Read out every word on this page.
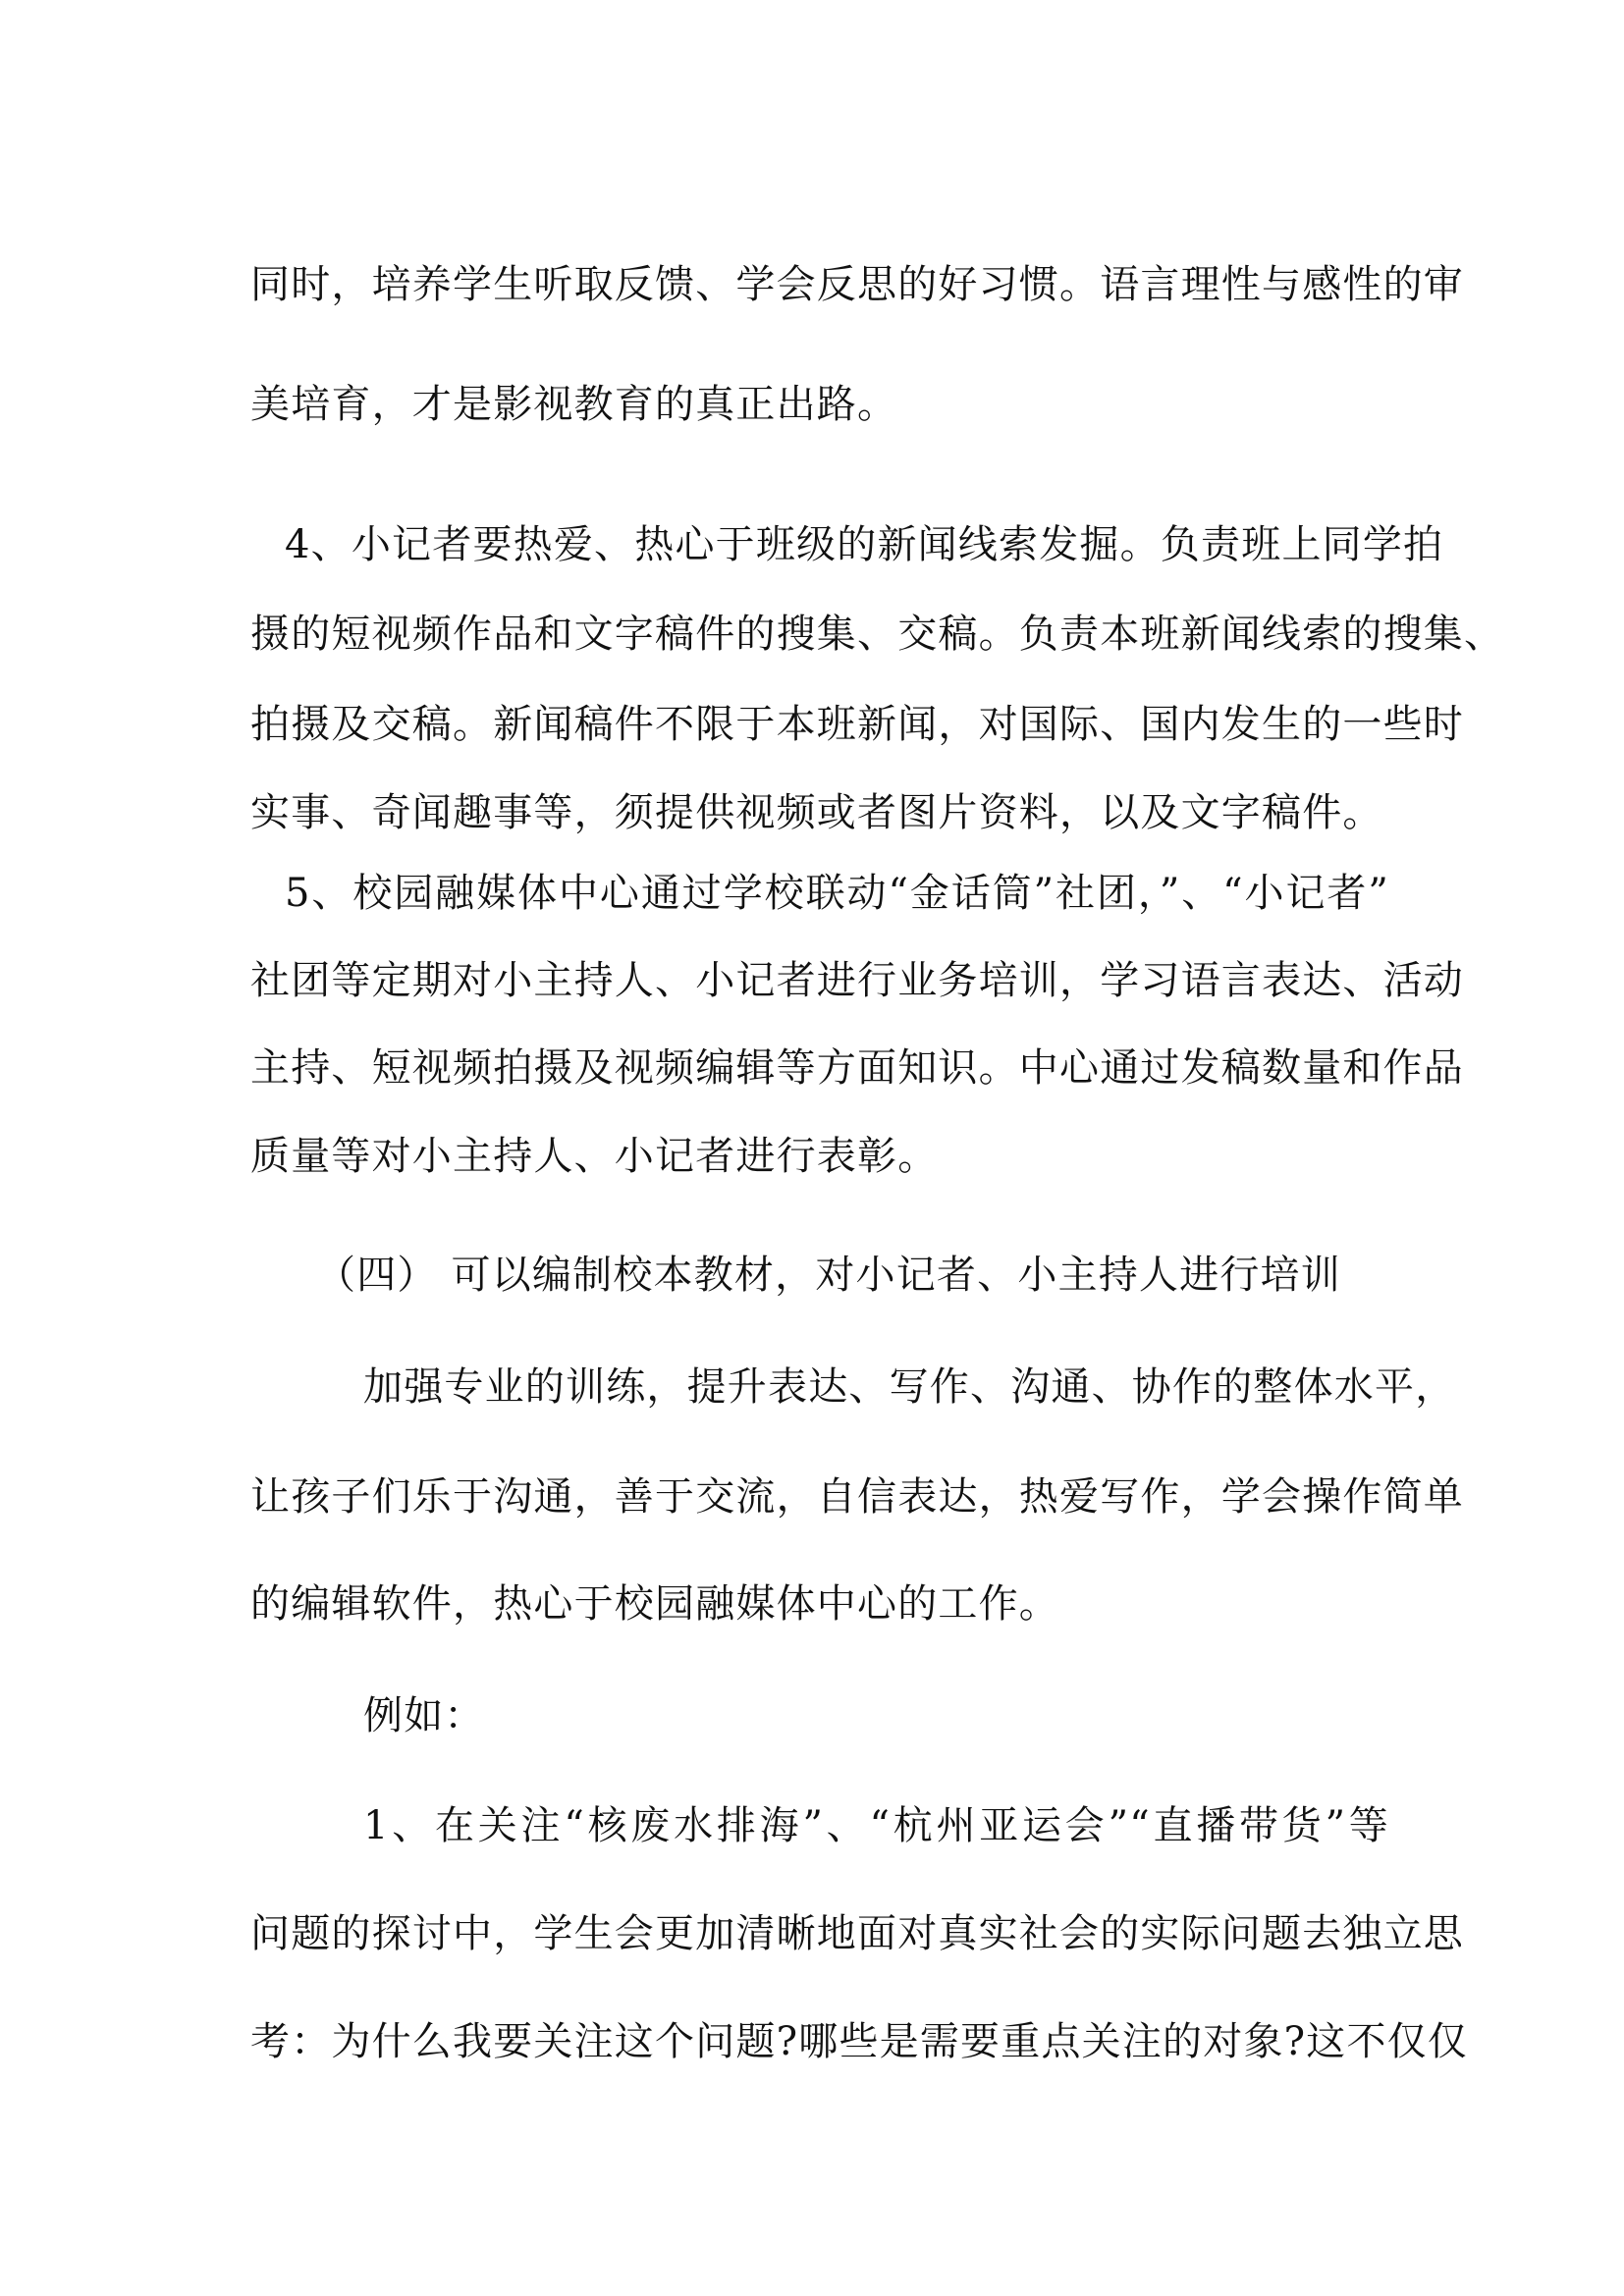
同时，培养学生听取反馈、学会反思的好习惯。语言理性与感性的审
美培育，才是影视教育的真正出路。
4、小记者要热爱、热心于班级的新闻线索发掘。负责班上同学拍
摄的短视频作品和文字稿件的搜集、交稿。负责本班新闻线索的搜集、
拍摄及交稿。新闻稿件不限于本班新闻，对国际、国内发生的一些时
实事、奇闻趣事等，须提供视频或者图片资料，以及文字稿件。
5、校园融媒体中心通过学校联动“金话筒”社团，”、“小记者”
社团等定期对小主持人、小记者进行业务培训，学习语言表达、活动
主持、短视频拍摄及视频编辑等方面知识。中心通过发稿数量和作品
质量等对小主持人、小记者进行表彰。
（四） 可以编制校本教材，对小记者、小主持人进行培训
加强专业的训练，提升表达、写作、沟通、协作的整体水平，
让孩子们乐于沟通，善于交流，自信表达，热爱写作，学会操作简单
的编辑软件，热心于校园融媒体中心的工作。
例如：
1、在关注“核废水排海”、“杭州亚运会”“直播带货”等
问题的探讨中，学生会更加清晰地面对真实社会的实际问题去独立思
考：为什么我要关注这个问题?哪些是需要重点关注的对象?这不仅仅
